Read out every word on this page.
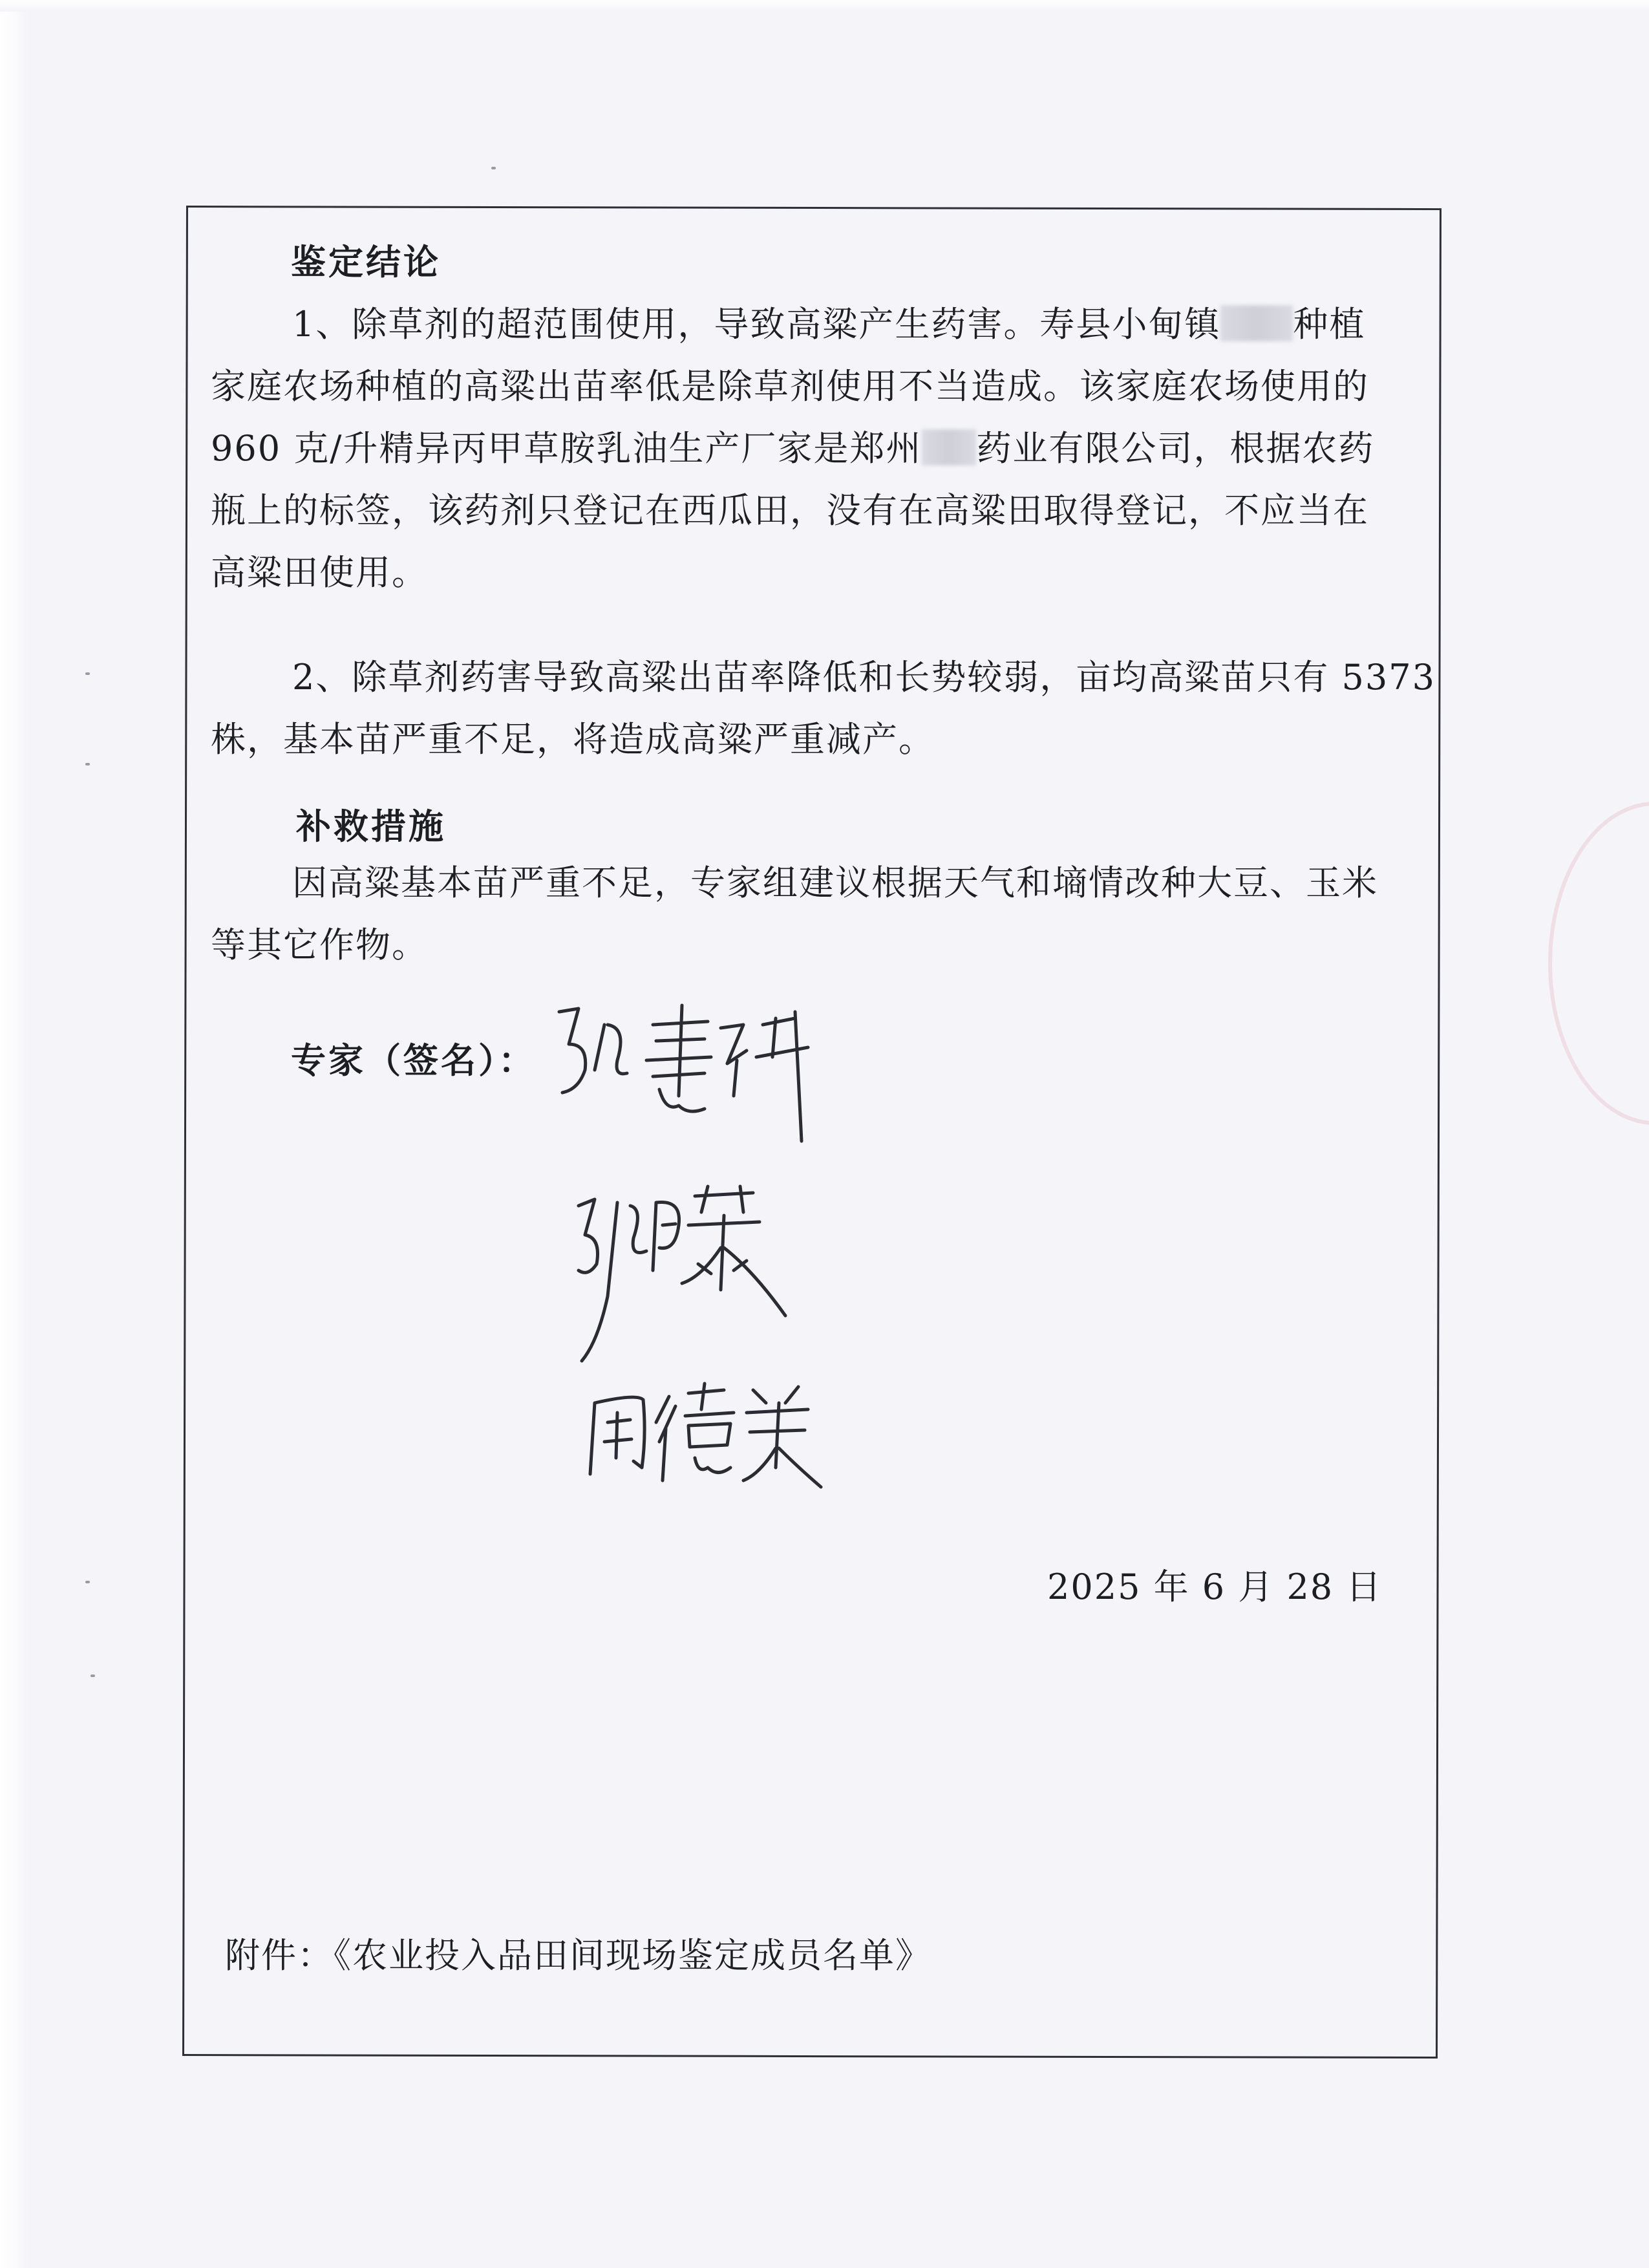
鉴定结论
1、除草剂的超范围使用，导致高粱产生药害。寿县小甸镇 种植
家庭农场种植的高粱出苗率低是除草剂使用不当造成。该家庭农场使用的
960 克/升精异丙甲草胺乳油生产厂家是郑州 药业有限公司，根据农药
瓶上的标签，该药剂只登记在西瓜田，没有在高粱田取得登记，不应当在
高粱田使用。
2、除草剂药害导致高粱出苗率降低和长势较弱，亩均高粱苗只有 5373
株，基本苗严重不足，将造成高粱严重减产。
补救措施
因高粱基本苗严重不足，专家组建议根据天气和墒情改种大豆、玉米
等其它作物。
专家（签名）：
2025 年 6 月 28 日
附件：《农业投入品田间现场鉴定成员名单》
